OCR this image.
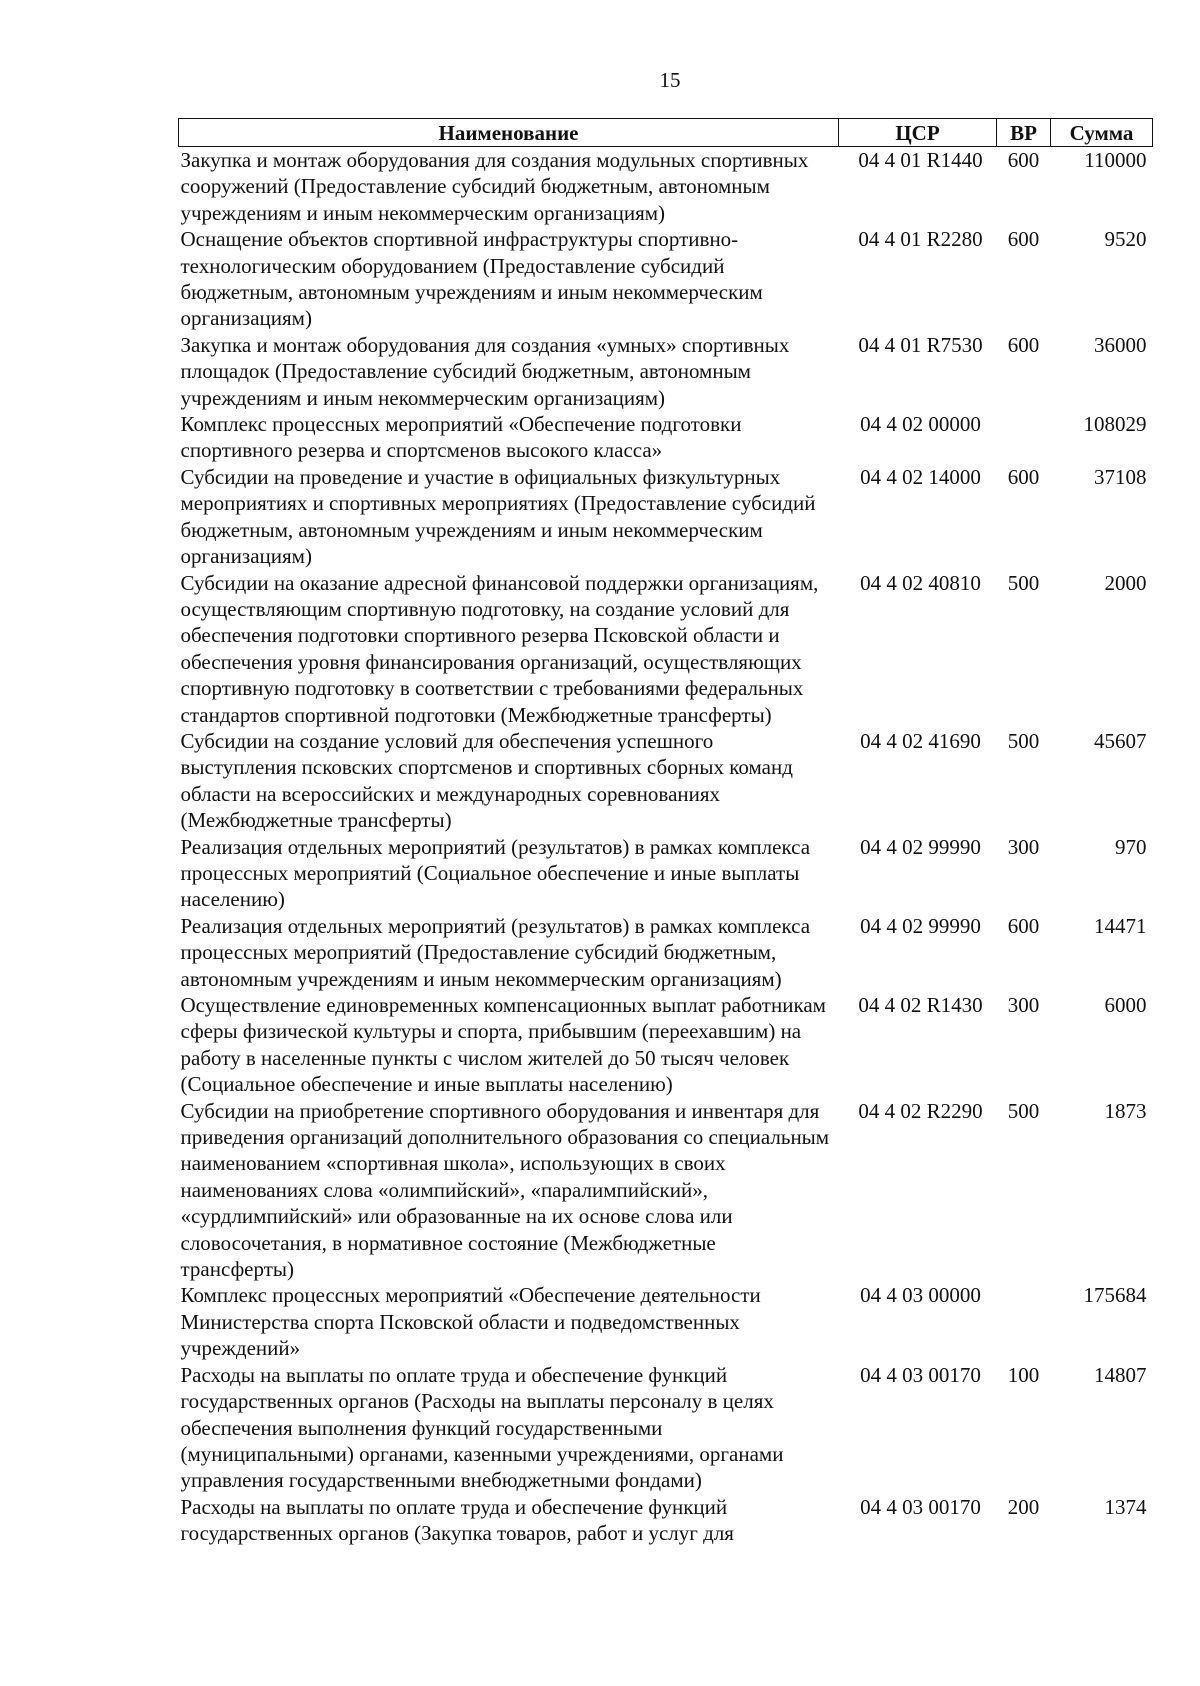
15
Наименование	ЦСР	ВР	Сумма
Закупка и монтаж оборудования для создания модульных спортивных сооружений (Предоставление субсидий бюджетным, автономным учреждениям и иным некоммерческим организациям)	04 4 01 R1440	600	110000
Оснащение объектов спортивной инфраструктуры спортивно-технологическим оборудованием (Предоставление субсидий бюджетным, автономным учреждениям и иным некоммерческим организациям)	04 4 01 R2280	600	9520
Закупка и монтаж оборудования для создания «умных» спортивных площадок (Предоставление субсидий бюджетным, автономным учреждениям и иным некоммерческим организациям)	04 4 01 R7530	600	36000
Комплекс процессных мероприятий «Обеспечение подготовки спортивного резерва и спортсменов высокого класса»	04 4 02 00000		108029
Субсидии на проведение и участие в официальных физкультурных мероприятиях и спортивных мероприятиях (Предоставление субсидий бюджетным, автономным учреждениям и иным некоммерческим организациям)	04 4 02 14000	600	37108
Субсидии на оказание адресной финансовой поддержки организациям, осуществляющим спортивную подготовку, на создание условий для обеспечения подготовки спортивного резерва Псковской области и обеспечения уровня финансирования организаций, осуществляющих спортивную подготовку в соответствии с требованиями федеральных стандартов спортивной подготовки (Межбюджетные трансферты)	04 4 02 40810	500	2000
Субсидии на создание условий для обеспечения успешного выступления псковских спортсменов и спортивных сборных команд области на всероссийских и международных соревнованиях (Межбюджетные трансферты)	04 4 02 41690	500	45607
Реализация отдельных мероприятий (результатов) в рамках комплекса процессных мероприятий (Социальное обеспечение и иные выплаты населению)	04 4 02 99990	300	970
Реализация отдельных мероприятий (результатов) в рамках комплекса процессных мероприятий (Предоставление субсидий бюджетным, автономным учреждениям и иным некоммерческим организациям)	04 4 02 99990	600	14471
Осуществление единовременных компенсационных выплат работникам сферы физической культуры и спорта, прибывшим (переехавшим) на работу в населенные пункты с числом жителей до 50 тысяч человек (Социальное обеспечение и иные выплаты населению)	04 4 02 R1430	300	6000
Субсидии на приобретение спортивного оборудования и инвентаря для приведения организаций дополнительного образования со специальным наименованием «спортивная школа», использующих в своих наименованиях слова «олимпийский», «паралимпийский», «сурдлимпийский» или образованные на их основе слова или словосочетания, в нормативное состояние (Межбюджетные трансферты)	04 4 02 R2290	500	1873
Комплекс процессных мероприятий «Обеспечение деятельности Министерства спорта Псковской области и подведомственных учреждений»	04 4 03 00000		175684
Расходы на выплаты по оплате труда и обеспечение функций государственных органов (Расходы на выплаты персоналу в целях обеспечения выполнения функций государственными (муниципальными) органами, казенными учреждениями, органами управления государственными внебюджетными фондами)	04 4 03 00170	100	14807
Расходы на выплаты по оплате труда и обеспечение функций государственных органов (Закупка товаров, работ и услуг для	04 4 03 00170	200	1374
